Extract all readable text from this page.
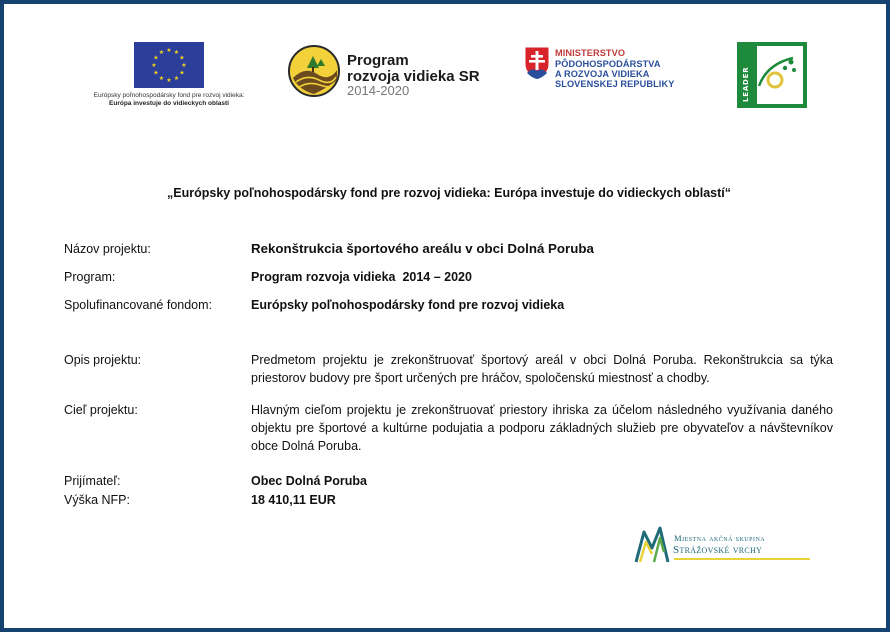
★ ★
★
★
★
★
★
★
★
★
★
★
Európsky poľnohospodársky fond pre rozvoj vidieka:
Európa investuje do vidieckych oblastí
Program
rozvoja vidieka SR
2014-2020
MINISTERSTVO
PÔDOHOSPODÁRSTVA
A ROZVOJA VIDIEKA
SLOVENSKEJ REPUBLIKY	LEADER
„Európsky poľnohospodársky fond pre rozvoj vidieka: Európa investuje do vidieckych oblastí“
Názov projektu:	Rekonštrukcia športového areálu v obci Dolná Poruba
Program:	Program rozvoja vidieka  2014 – 2020
Spolufinancované fondom:	Európsky poľnohospodársky fond pre rozvoj vidieka
Opis projektu:	Predmetom projektu je zrekonštruovať športový areál v obci Dolná Poruba. Rekonštrukcia sa týka priestorov budovy pre šport určených pre hráčov, spoločenskú miestnosť a chodby.

Cieľ projektu:	Hlavným cieľom projektu je zrekonštruovať priestory ihriska za účelom následného využívania daného objektu pre športové a kultúrne podujatia a podporu základných služieb pre obyvateľov a návštevníkov obce Dolná Poruba.

Prijímateľ:	Obec Dolná Poruba
Výška NFP:	18 410,11 EUR
Miestna akčná skupina
Strážovské vrchy
